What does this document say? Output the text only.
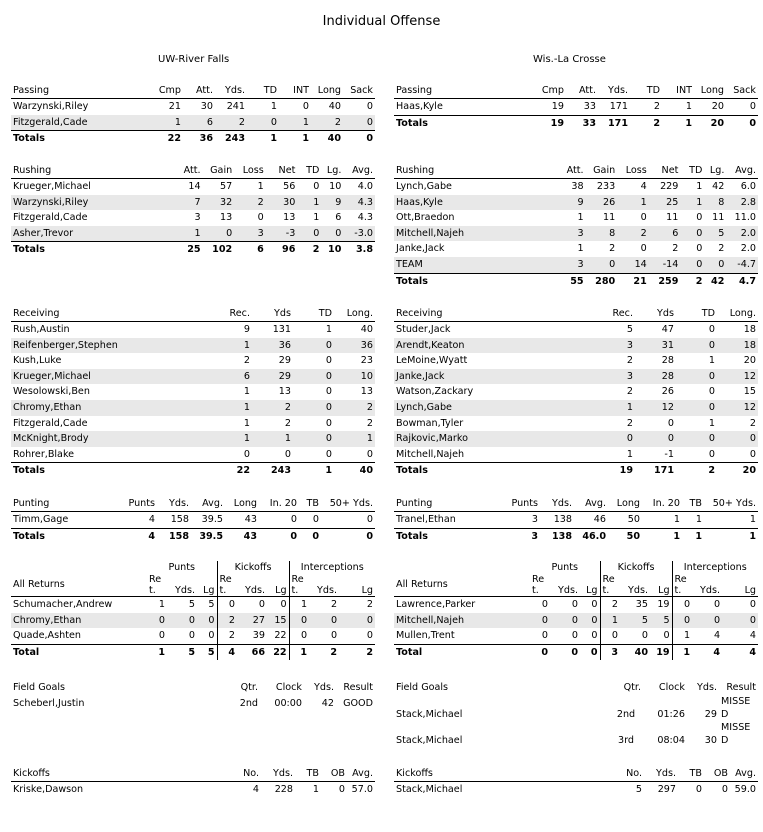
Individual Offense
UW-River Falls	Wis.-La Crosse
Passing	Cmp	Att.	Yds.	TD	INT	Long	Sack
Warzynski,Riley	21	30	241	1	0	40	0
Fitzgerald,Cade	1	6	2	0	1	2	0
Totals	22	36	243	1	1	40	0
Passing	Cmp	Att.	Yds.	TD	INT	Long	Sack
Haas,Kyle	19	33	171	2	1	20	0
Totals	19	33	171	2	1	20	0
Rushing	Att.	Gain	Loss	Net	TD	Lg.	Avg.
Krueger,Michael	14	57	1	56	0	10	4.0
Warzynski,Riley	7	32	2	30	1	9	4.3
Fitzgerald,Cade	3	13	0	13	1	6	4.3
Asher,Trevor	1	0	3	-3	0	0	-3.0
Totals	25	102	6	96	2	10	3.8
Rushing	Att.	Gain	Loss	Net	TD	Lg.	Avg.
Lynch,Gabe	38	233	4	229	1	42	6.0
Haas,Kyle	9	26	1	25	1	8	2.8
Ott,Braedon	1	11	0	11	0	11	11.0
Mitchell,Najeh	3	8	2	6	0	5	2.0
Janke,Jack	1	2	0	2	0	2	2.0
TEAM	3	0	14	-14	0	0	-4.7
Totals	55	280	21	259	2	42	4.7
Receiving	Rec.	Yds	TD	Long.
Rush,Austin	9	131	1	40
Reifenberger,Stephen	1	36	0	36
Kush,Luke	2	29	0	23
Krueger,Michael	6	29	0	10
Wesolowski,Ben	1	13	0	13
Chromy,Ethan	1	2	0	2
Fitzgerald,Cade	1	2	0	2
McKnight,Brody	1	1	0	1
Rohrer,Blake	0	0	0	0
Totals	22	243	1	40
Receiving	Rec.	Yds	TD	Long.
Studer,Jack	5	47	0	18
Arendt,Keaton	3	31	0	18
LeMoine,Wyatt	2	28	1	20
Janke,Jack	3	28	0	12
Watson,Zackary	2	26	0	15
Lynch,Gabe	1	12	0	12
Bowman,Tyler	2	0	1	2
Rajkovic,Marko	0	0	0	0
Mitchell,Najeh	1	-1	0	0
Totals	19	171	2	20
Punting	Punts	Yds.	Avg.	Long	In. 20	TB	50+ Yds.
Timm,Gage	4	158	39.5	43	0	0	0
Totals	4	158	39.5	43	0	0	0
Punting	Punts	Yds.	Avg.	Long	In. 20	TB	50+ Yds.
Tranel,Ethan	3	138	46	50	1	1	1
Totals	3	138	46.0	50	1	1	1
	Punts			Kickoffs			Interceptions		
All Returns	Re t.	Yds.	Lg	Re t.	Yds.	Lg	Re t.	Yds.	Lg
Schumacher,Andrew	1	5	5	0	0	0	1	2	2
Chromy,Ethan	0	0	0	2	27	15	0	0	0
Quade,Ashten	0	0	0	2	39	22	0	0	0
Total	1	5	5	4	66	22	1	2	2
	Punts			Kickoffs			Interceptions		
All Returns	Re t.	Yds.	Lg	Re t.	Yds.	Lg	Re t.	Yds.	Lg
Lawrence,Parker	0	0	0	2	35	19	0	0	0
Mitchell,Najeh	0	0	0	1	5	5	0	0	0
Mullen,Trent	0	0	0	0	0	0	1	4	4
Total	0	0	0	3	40	19	1	4	4
Field Goals	Qtr.	Clock	Yds.	Result
Scheberl,Justin	2nd	00:00	42	GOOD
Field Goals	Qtr.	Clock	Yds.	Result
Stack,Michael	2nd	01:26	29	MISSE D
Stack,Michael	3rd	08:04	30	MISSE D
Kickoffs	No.	Yds.	TB	OB	Avg.
Kriske,Dawson	4	228	1	0	57.0
Kickoffs	No.	Yds.	TB	OB	Avg.
Stack,Michael	5	297	0	0	59.0
